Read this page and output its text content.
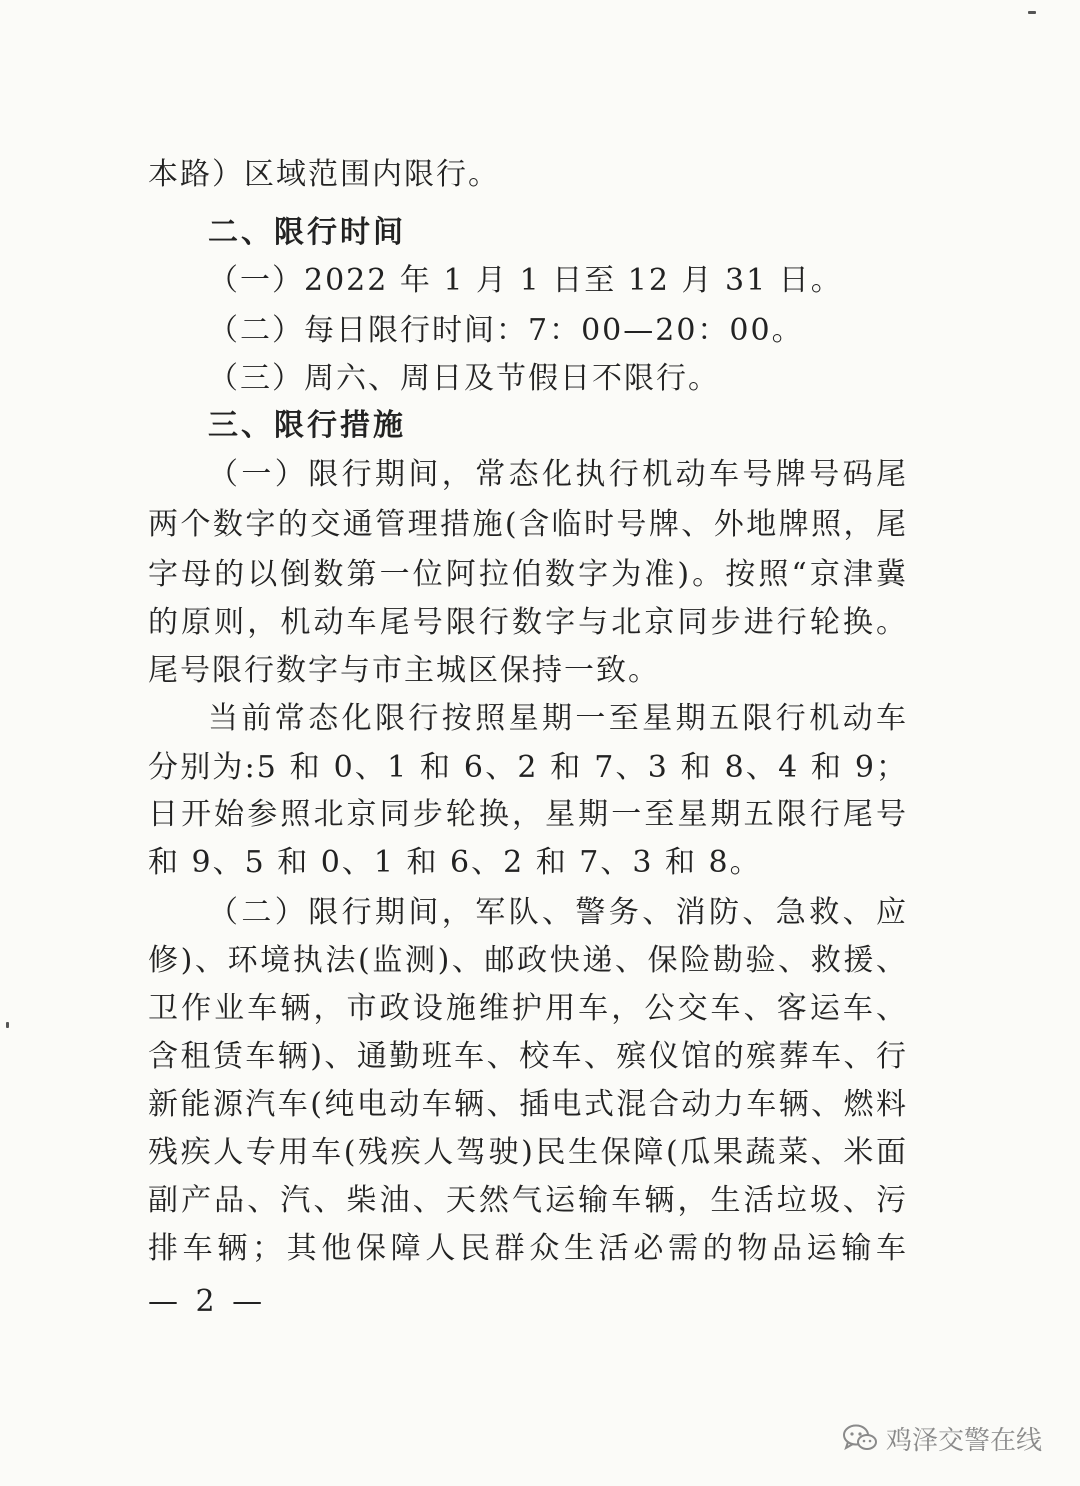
本路）区域范围内限行。
二、限行时间
（一）2022 年 1 月 1 日至 12 月 31 日。
（二）每日限行时间：7：00—20：00。
（三）周六、周日及节假日不限行。
三、限行措施
（一）限行期间，常态化执行机动车号牌号码尾
两个数字的交通管理措施(含临时号牌、外地牌照，尾
字母的以倒数第一位阿拉伯数字为准)。按照“京津冀
的原则，机动车尾号限行数字与北京同步进行轮换。
尾号限行数字与市主城区保持一致。
当前常态化限行按照星期一至星期五限行机动车
分别为:5 和 0、1 和 6、2 和 7、3 和 8、4 和 9；
日开始参照北京同步轮换，星期一至星期五限行尾号
和 9、5 和 0、1 和 6、2 和 7、3 和 8。
（二）限行期间，军队、警务、消防、急救、应
修)、环境执法(监测)、邮政快递、保险勘验、救援、
卫作业车辆，市政设施维护用车，公交车、客运车、
含租赁车辆)、通勤班车、校车、殡仪馆的殡葬车、行
新能源汽车(纯电动车辆、插电式混合动力车辆、燃料
残疾人专用车(残疾人驾驶)民生保障(瓜果蔬菜、米面
副产品、汽、柴油、天然气运输车辆，生活垃圾、污
排车辆；其他保障人民群众生活必需的物品运输车
— 2 —
鸡泽交警在线
